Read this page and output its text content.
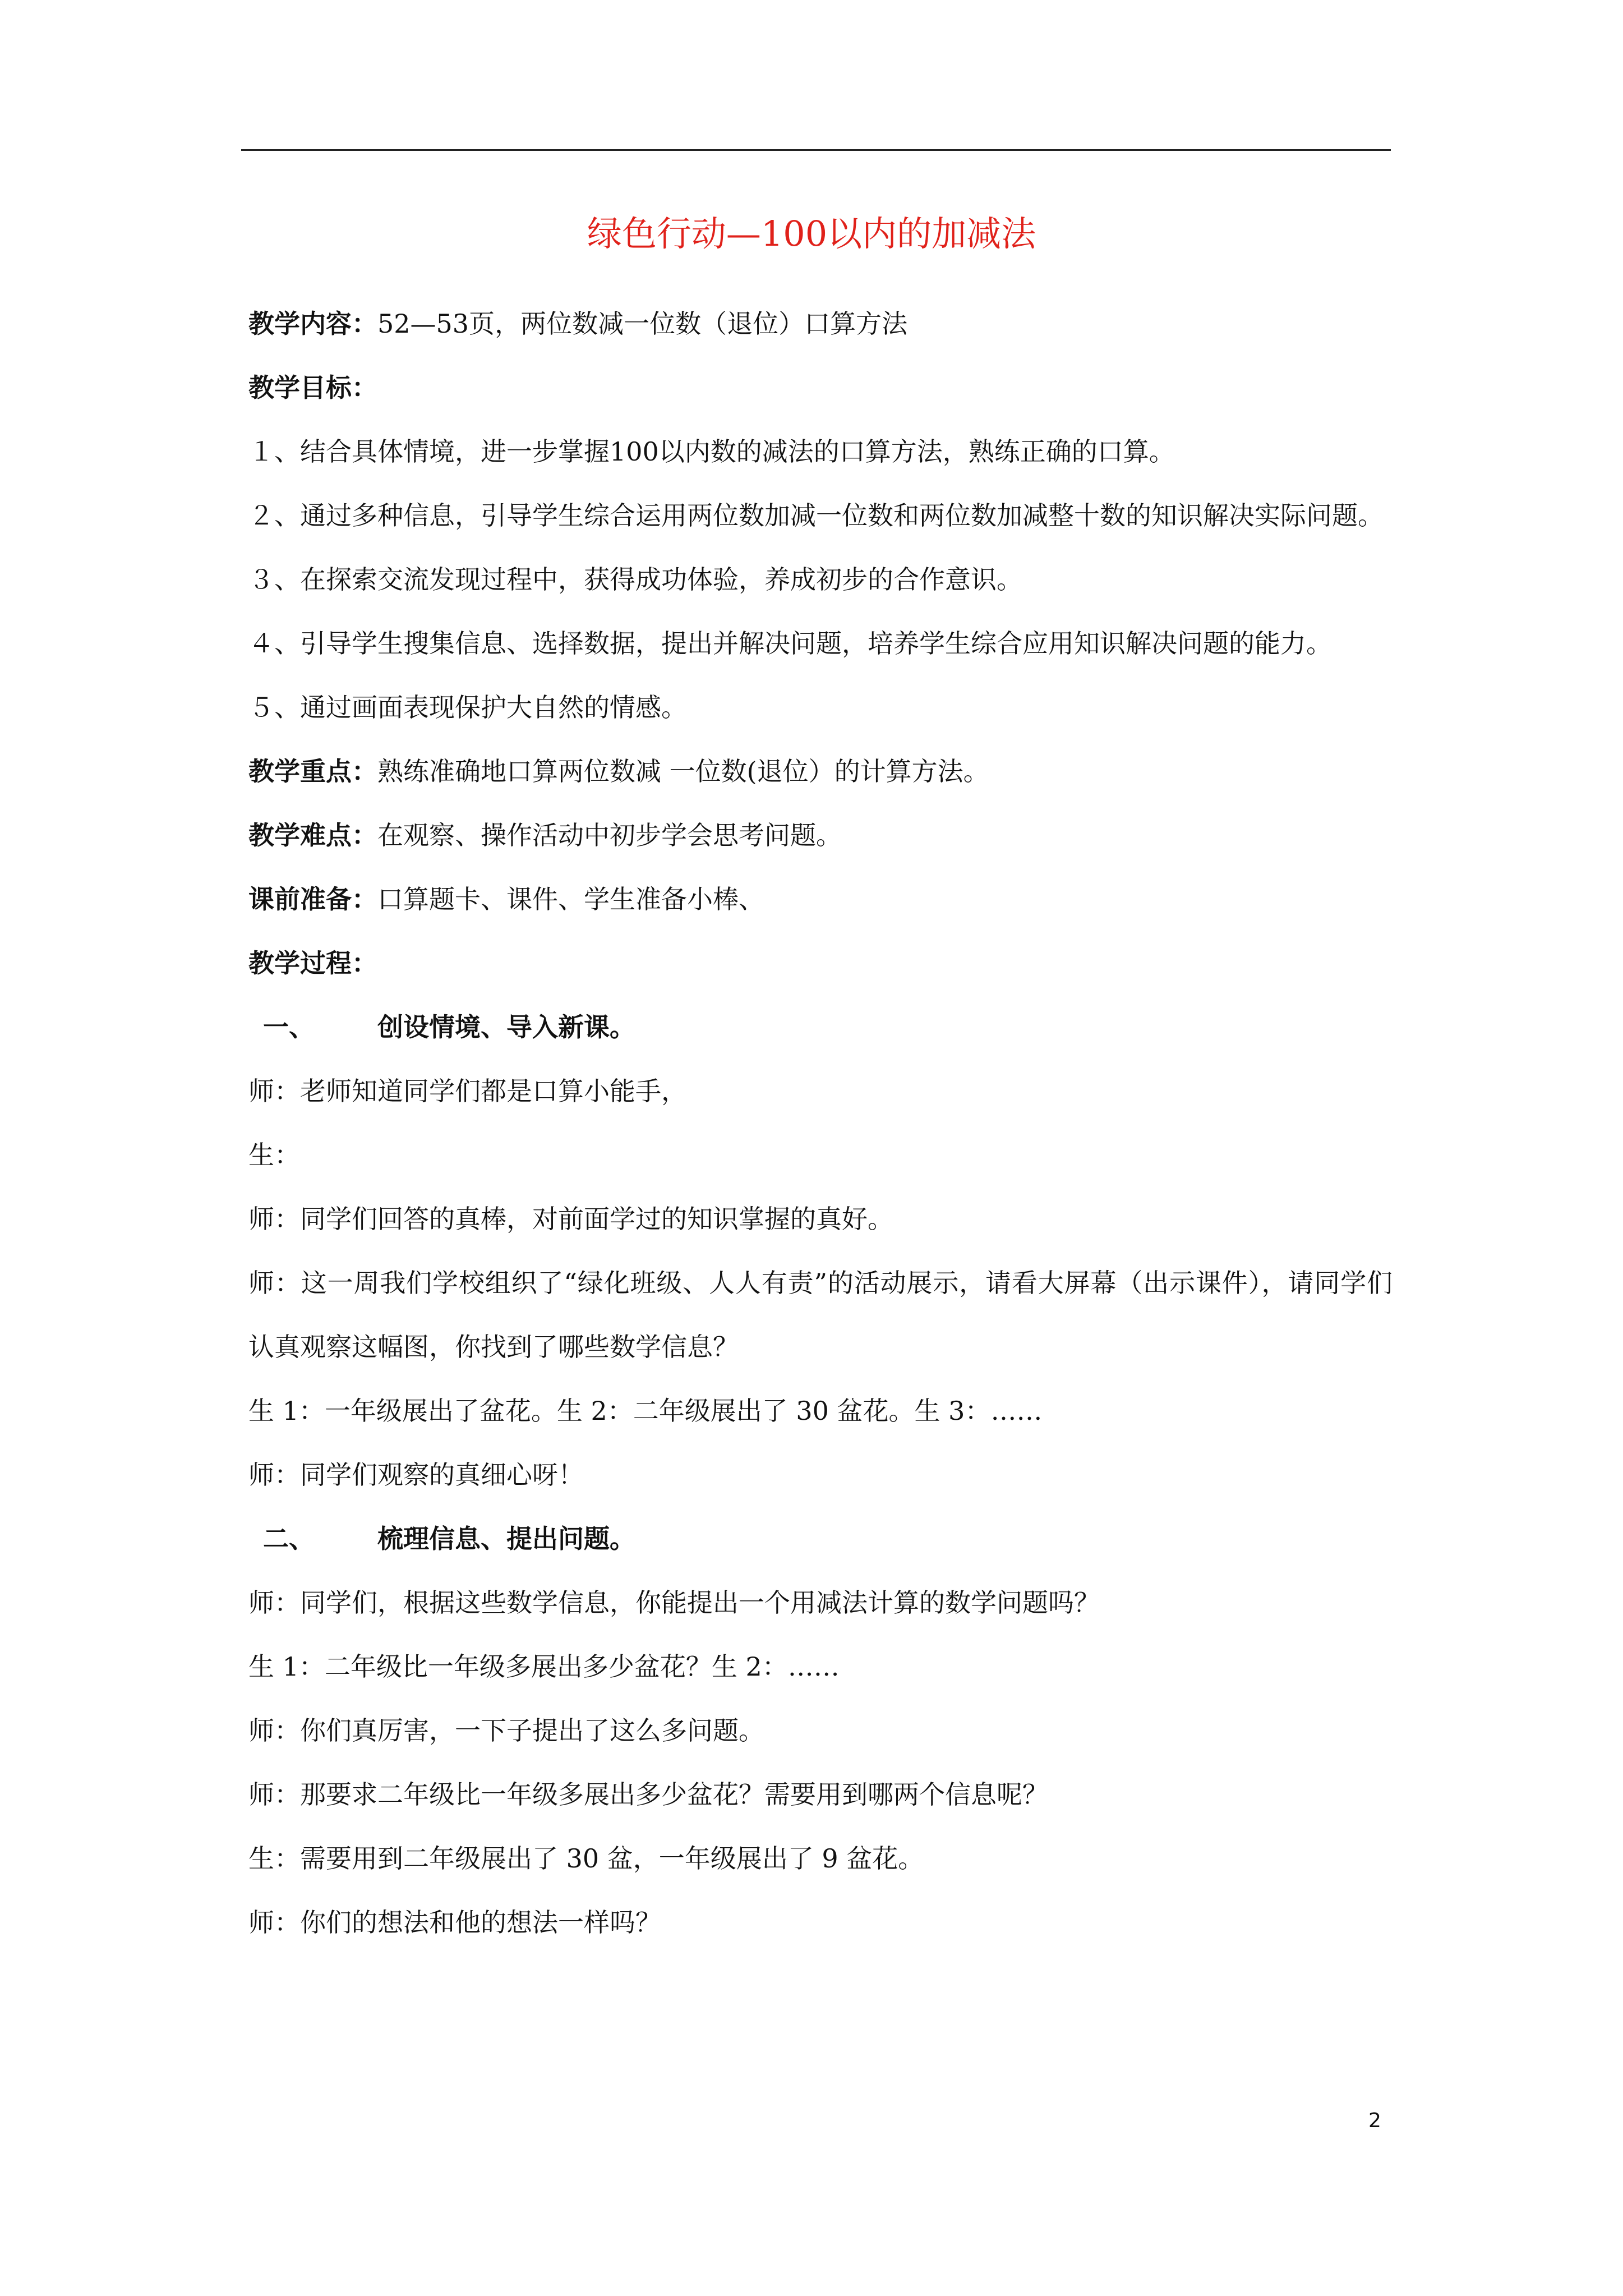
绿色行动—100以内的加减法

教学内容：52—53页，两位数减一位数（退位）口算方法

教学目标：

１、结合具体情境，进一步掌握100以内数的减法的口算方法，熟练正确的口算。

２、通过多种信息，引导学生综合运用两位数加减一位数和两位数加减整十数的知识解决实际问题。

３、在探索交流发现过程中，获得成功体验，养成初步的合作意识。

４、引导学生搜集信息、选择数据，提出并解决问题，培养学生综合应用知识解决问题的能力。

５、通过画面表现保护大自然的情感。

教学重点：熟练准确地口算两位数减 一位数(退位）的计算方法。

教学难点：在观察、操作活动中初步学会思考问题。

课前准备：口算题卡、课件、学生准备小棒、

教学过程：

一、 创设情境、导入新课。

师：老师知道同学们都是口算小能手，

生：

师：同学们回答的真棒，对前面学过的知识掌握的真好。

师：这一周我们学校组织了“绿化班级、人人有责”的活动展示，请看大屏幕（出示课件），请同学们认真观察这幅图，你找到了哪些数学信息？

生 1：一年级展出了盆花。生 2：二年级展出了 30 盆花。生 3：……

师：同学们观察的真细心呀！

二、 梳理信息、提出问题。

师：同学们，根据这些数学信息，你能提出一个用减法计算的数学问题吗？

生 1：二年级比一年级多展出多少盆花？生 2：……

师：你们真厉害，一下子提出了这么多问题。

师：那要求二年级比一年级多展出多少盆花？需要用到哪两个信息呢？

生：需要用到二年级展出了 30 盆，一年级展出了 9 盆花。

师：你们的想法和他的想法一样吗？

2
